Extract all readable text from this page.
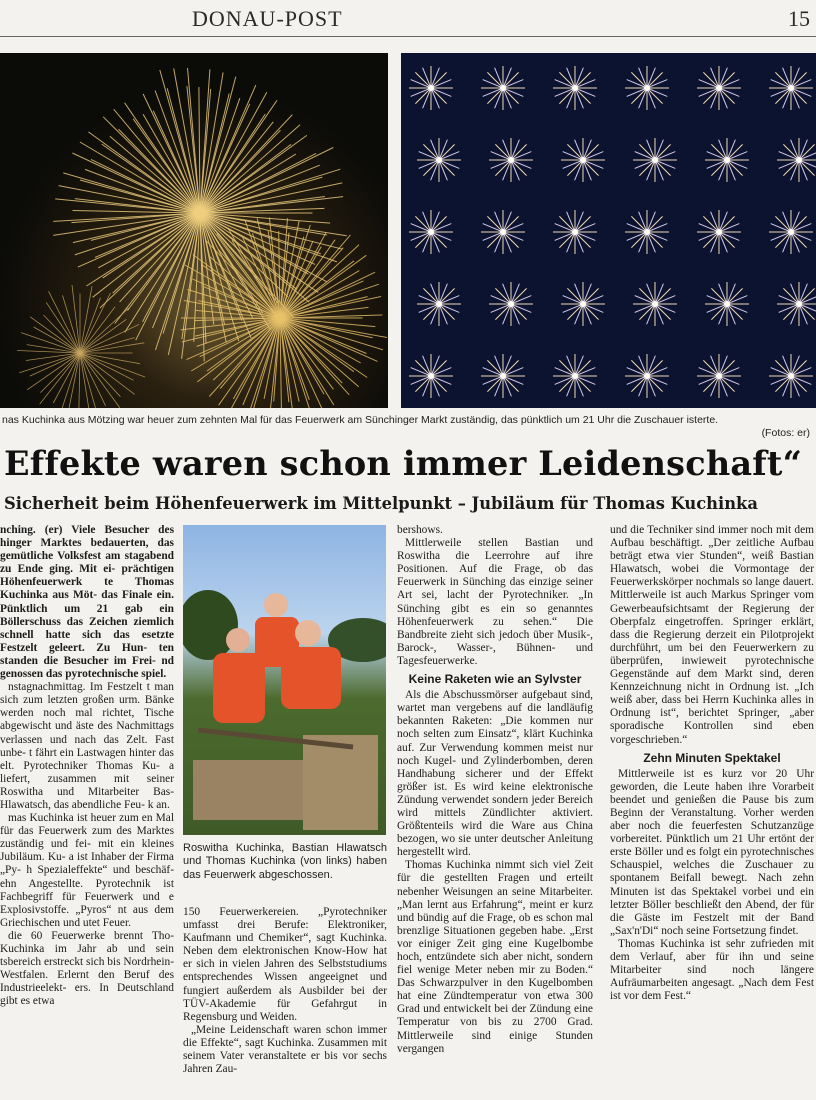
DONAU-POST	15
nas Kuchinka aus Mötzing war heuer zum zehnten Mal für das Feuerwerk am Sünchinger Markt zuständig, das pünktlich um 21 Uhr die Zuschauer isterte.
(Fotos: er)
Effekte waren schon immer Leidenschaft“
Sicherheit beim Höhenfeuerwerk im Mittelpunkt – Jubiläum für Thomas Kuchinka

nching. (er) Viele Besucher des hinger Marktes bedauerten, das gemütliche Volksfest am stagabend zu Ende ging. Mit ei- prächtigen Höhenfeuerwerk te Thomas Kuchinka aus Möt- das Finale ein. Pünktlich um 21 gab ein Böllerschuss das Zeichen ziemlich schnell hatte sich das esetzte Festzelt geleert. Zu Hun- ten standen die Besucher im Frei- nd genossen das pyrotechnische spiel.

nstagnachmittag. Im Festzelt t man sich zum letzten großen urm. Bänke werden noch mal richtet, Tische abgewischt und äste des Nachmittags verlassen und nach das Zelt. Fast unbe- t fährt ein Lastwagen hinter das elt. Pyrotechniker Thomas Ku- a liefert, zusammen mit seiner Roswitha und Mitarbeiter Bas- Hlawatsch, das abendliche Feu- k an.

mas Kuchinka ist heuer zum en Mal für das Feuerwerk zum des Marktes zuständig und fei- mit ein kleines Jubiläum. Ku- a ist Inhaber der Firma „Py- h Spezialeffekte“ und beschäf- ehn Angestellte. Pyrotechnik ist Fachbegriff für Feuerwerk und e Explosivstoffe. „Pyros“ nt aus dem Griechischen und utet Feuer.

die 60 Feuerwerke brennt Tho- Kuchinka im Jahr ab und sein tsbereich erstreckt sich bis Nordrhein-Westfalen. Erlernt den Beruf des Industrieelekt- ers. In Deutschland gibt es etwa

Roswitha Kuchinka, Bastian Hlawatsch und Thomas Kuchinka (von links) haben das Feuerwerk abgeschossen.

150 Feuerwerkereien. „Pyrotechniker umfasst drei Berufe: Elektroniker, Kaufmann und Chemiker“, sagt Kuchinka. Neben dem elektronischen Know-How hat er sich in vielen Jahren des Selbststudiums entsprechendes Wissen angeeignet und fungiert außerdem als Ausbilder bei der TÜV-Akademie für Gefahrgut in Regensburg und Weiden.

„Meine Leidenschaft waren schon immer die Effekte“, sagt Kuchinka. Zusammen mit seinem Vater veranstaltete er bis vor sechs Jahren Zau-

bershows.

Mittlerweile stellen Bastian und Roswitha die Leerrohre auf ihre Positionen. Auf die Frage, ob das Feuerwerk in Sünching das einzige seiner Art sei, lacht der Pyrotechniker. „In Sünching gibt es ein so genanntes Höhenfeuerwerk zu sehen.“ Die Bandbreite zieht sich jedoch über Musik-, Barock-, Wasser-, Bühnen- und Tagesfeuerwerke.

Keine Raketen wie an Sylvster

Als die Abschussmörser aufgebaut sind, wartet man vergebens auf die landläufig bekannten Raketen: „Die kommen nur noch selten zum Einsatz“, klärt Kuchinka auf. Zur Verwendung kommen meist nur noch Kugel- und Zylinderbomben, deren Handhabung sicherer und der Effekt größer ist. Es wird keine elektronische Zündung verwendet sondern jeder Bereich wird mittels Zündlichter aktiviert. Größtenteils wird die Ware aus China bezogen, wo sie unter deutscher Anleitung hergestellt wird.

Thomas Kuchinka nimmt sich viel Zeit für die gestellten Fragen und erteilt nebenher Weisungen an seine Mitarbeiter. „Man lernt aus Erfahrung“, meint er kurz und bündig auf die Frage, ob es schon mal brenzlige Situationen gegeben habe. „Erst vor einiger Zeit ging eine Kugelbombe hoch, entzündete sich aber nicht, sondern fiel wenige Meter neben mir zu Boden.“ Das Schwarzpulver in den Kugelbomben hat eine Zündtemperatur von etwa 300 Grad und entwickelt bei der Zündung eine Temperatur von bis zu 2700 Grad. Mittlerweile sind einige Stunden vergangen

und die Techniker sind immer noch mit dem Aufbau beschäftigt. „Der zeitliche Aufbau beträgt etwa vier Stunden“, weiß Bastian Hlawatsch, wobei die Vormontage der Feuerwerkskörper nochmals so lange dauert. Mittlerweile ist auch Markus Springer vom Gewerbeaufsichtsamt der Regierung der Oberpfalz eingetroffen. Springer erklärt, dass die Regierung derzeit ein Pilotprojekt durchführt, um bei den Feuerwerkern zu überprüfen, inwieweit pyrotechnische Gegenstände auf dem Markt sind, deren Kennzeichnung nicht in Ordnung ist. „Ich weiß aber, dass bei Herrn Kuchinka alles in Ordnung ist“, berichtet Springer, „aber sporadische Kontrollen sind eben vorgeschrieben.“

Zehn Minuten Spektakel

Mittlerweile ist es kurz vor 20 Uhr geworden, die Leute haben ihre Vorarbeit beendet und genießen die Pause bis zum Beginn der Veranstaltung. Vorher werden aber noch die feuerfesten Schutzanzüge vorbereitet. Pünktlich um 21 Uhr ertönt der erste Böller und es folgt ein pyrotechnisches Schauspiel, welches die Zuschauer zu spontanem Beifall bewegt. Nach zehn Minuten ist das Spektakel vorbei und ein letzter Böller beschließt den Abend, der für die Gäste im Festzelt mit der Band „Sax'n'Di“ noch seine Fortsetzung findet.

Thomas Kuchinka ist sehr zufrieden mit dem Verlauf, aber für ihn und seine Mitarbeiter sind noch längere Aufräumarbeiten angesagt. „Nach dem Fest ist vor dem Fest.“
